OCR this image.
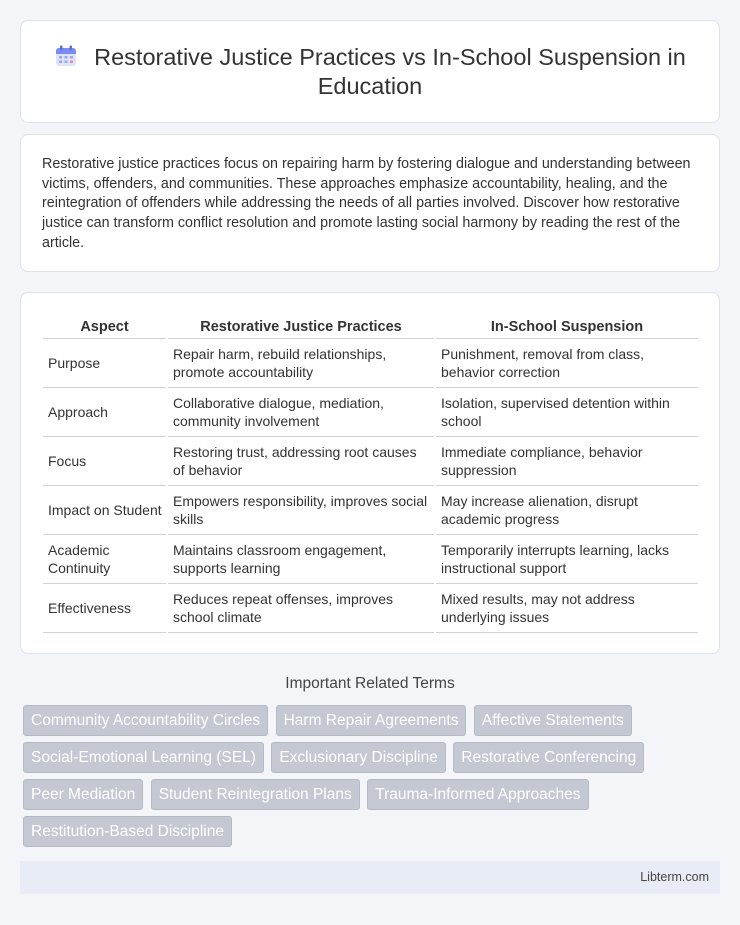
Restorative Justice Practices vs In-School Suspension in Education

Restorative justice practices focus on repairing harm by fostering dialogue and understanding between victims, offenders, and communities. These approaches emphasize accountability, healing, and the reintegration of offenders while addressing the needs of all parties involved. Discover how restorative justice can transform conflict resolution and promote lasting social harmony by reading the rest of the article.

Aspect	Restorative Justice Practices	In-School Suspension
Purpose	Repair harm, rebuild relationships, promote accountability	Punishment, removal from class, behavior correction
Approach	Collaborative dialogue, mediation, community involvement	Isolation, supervised detention within school
Focus	Restoring trust, addressing root causes of behavior	Immediate compliance, behavior suppression
Impact on Student	Empowers responsibility, improves social skills	May increase alienation, disrupt academic progress
Academic Continuity	Maintains classroom engagement, supports learning	Temporarily interrupts learning, lacks instructional support
Effectiveness	Reduces repeat offenses, improves school climate	Mixed results, may not address underlying issues
Important Related Terms
Community Accountability Circles Harm Repair Agreements Affective Statements Social-Emotional Learning (SEL) Exclusionary Discipline Restorative Conferencing Peer Mediation Student Reintegration Plans Trauma-Informed Approaches Restitution-Based Discipline
Libterm.com
